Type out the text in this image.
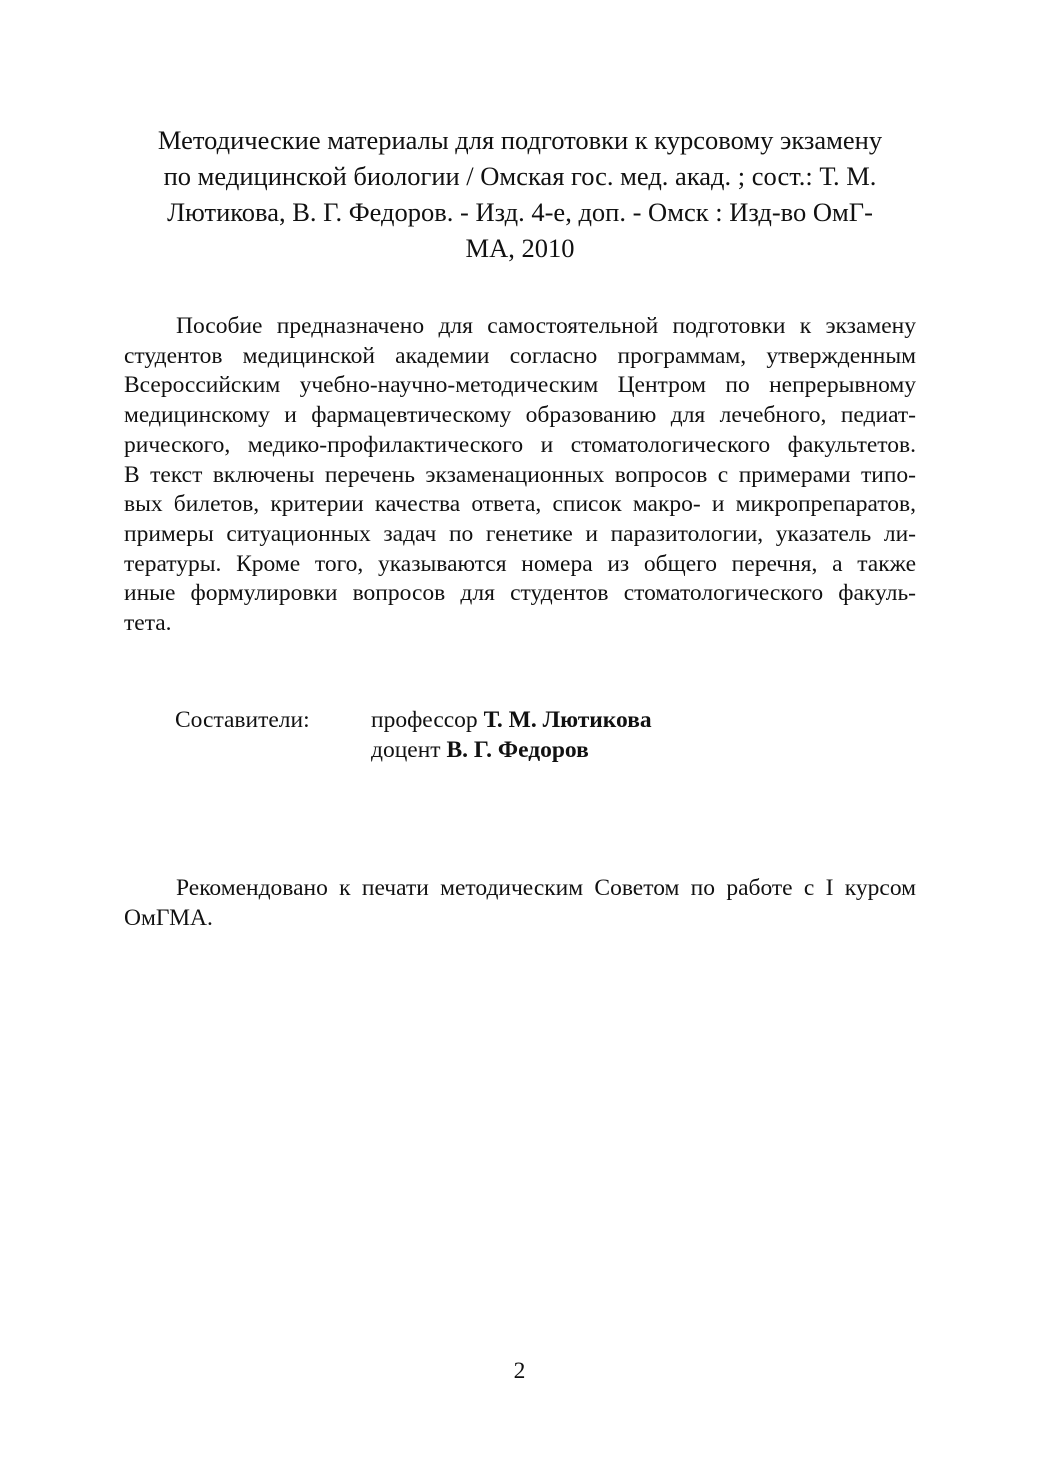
Методические материалы для подготовки к курсовому экзамену
по медицинской биологии / Омская гос. мед. акад. ; сост.: Т. М.
Лютикова, В. Г. Федоров. - Изд. 4-е, доп. - Омск : Изд-во ОмГ-
МА, 2010
Пособие предназначено для самостоятельной подготовки к экзамену
студентов медицинской академии согласно программам, утвержденным
Всероссийским учебно-научно-методическим Центром по непрерывному
медицинскому и фармацевтическому образованию для лечебного, педиат-
рического, медико-профилактического и стоматологического факультетов.
В текст включены перечень экзаменационных вопросов с примерами типо-
вых билетов, критерии качества ответа, список макро- и микропрепаратов,
примеры ситуационных задач по генетике и паразитологии, указатель ли-
тературы. Кроме того, указываются номера из общего перечня, а также
иные формулировки вопросов для студентов стоматологического факуль-
тета.
Составители:	профессор Т. М. Лютикова
доцент В. Г. Федоров
Рекомендовано к печати методическим Советом по работе с I курсом
ОмГМА.
2
